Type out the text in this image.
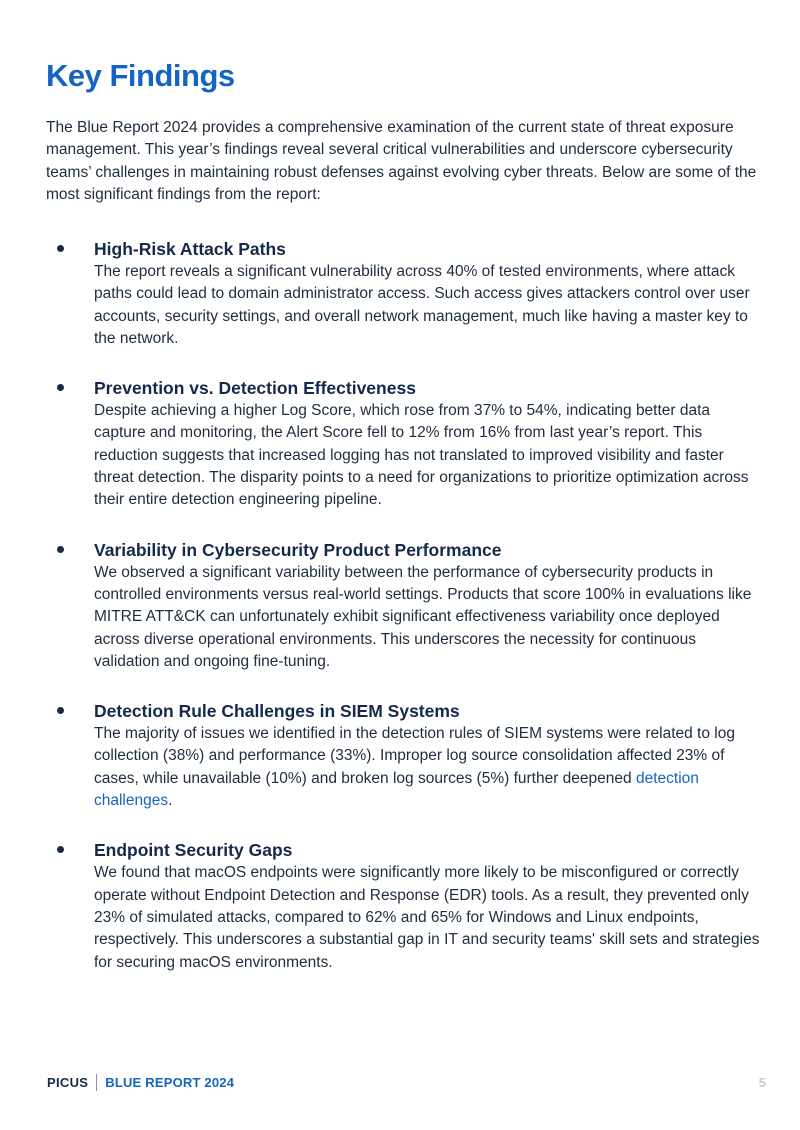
Key Findings

The Blue Report 2024 provides a comprehensive examination of the current state of threat exposure management. This year’s findings reveal several critical vulnerabilities and underscore cybersecurity teams’ challenges in maintaining robust defenses against evolving cyber threats. Below are some of the most significant findings from the report:

High-Risk Attack Paths

The report reveals a significant vulnerability across 40% of tested environments, where attack paths could lead to domain administrator access. Such access gives attackers control over user accounts, security settings, and overall network management, much like having a master key to the network.

Prevention vs. Detection Effectiveness

Despite achieving a higher Log Score, which rose from 37% to 54%, indicating better data capture and monitoring, the Alert Score fell to 12% from 16% from last year’s report. This reduction suggests that increased logging has not translated to improved visibility and faster threat detection. The disparity points to a need for organizations to prioritize optimization across their entire detection engineering pipeline.

Variability in Cybersecurity Product Performance

We observed a significant variability between the performance of cybersecurity products in controlled environments versus real-world settings. Products that score 100% in evaluations like MITRE ATT&CK can unfortunately exhibit significant effectiveness variability once deployed across diverse operational environments. This underscores the necessity for continuous validation and ongoing fine-tuning.

Detection Rule Challenges in SIEM Systems

The majority of issues we identified in the detection rules of SIEM systems were related to log collection (38%) and performance (33%). Improper log source consolidation affected 23% of cases, while unavailable (10%) and broken log sources (5%) further deepened detection challenges.

Endpoint Security Gaps

We found that macOS endpoints were significantly more likely to be misconfigured or correctly operate without Endpoint Detection and Response (EDR) tools. As a result, they prevented only 23% of simulated attacks, compared to 62% and 65% for Windows and Linux endpoints, respectively. This underscores a substantial gap in IT and security teams' skill sets and strategies for securing macOS environments.

PICUS BLUE REPORT 2024	5
